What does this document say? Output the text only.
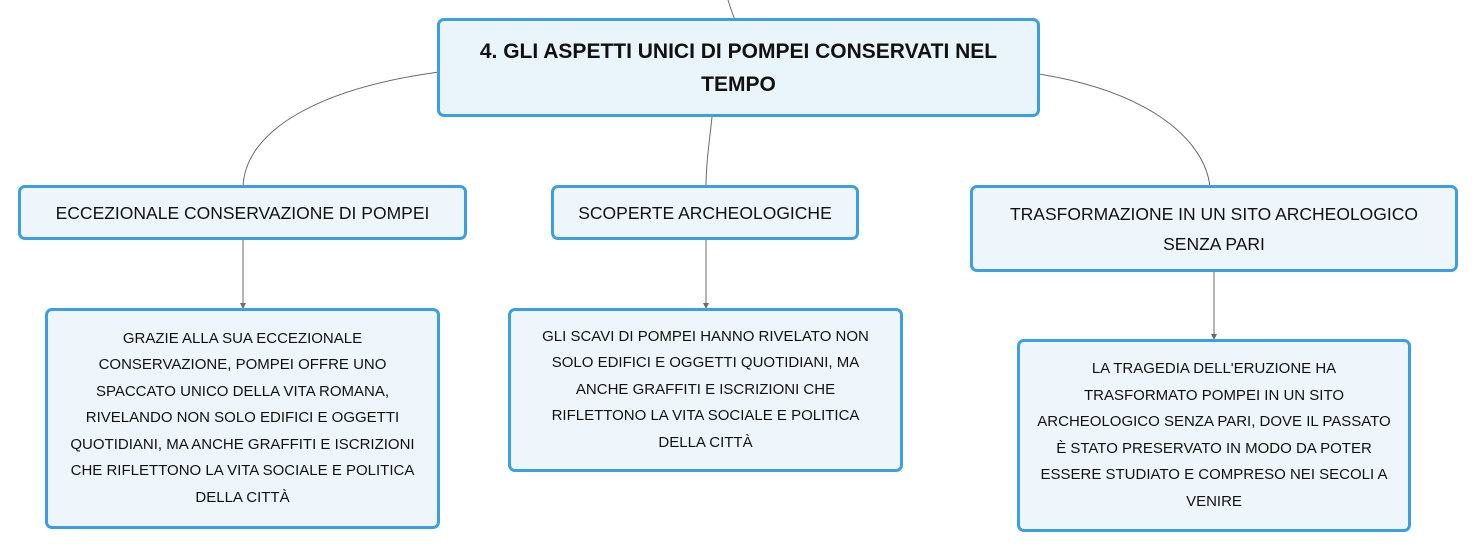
4. GLI ASPETTI UNICI DI POMPEI CONSERVATI NEL TEMPO
ECCEZIONALE CONSERVAZIONE DI POMPEI	SCOPERTE ARCHEOLOGICHE	TRASFORMAZIONE IN UN SITO ARCHEOLOGICO SENZA PARI
GRAZIE ALLA SUA ECCEZIONALE CONSERVAZIONE, POMPEI OFFRE UNO SPACCATO UNICO DELLA VITA ROMANA, RIVELANDO NON SOLO EDIFICI E OGGETTI QUOTIDIANI, MA ANCHE GRAFFITI E ISCRIZIONI CHE RIFLETTONO LA VITA SOCIALE E POLITICA DELLA CITTÀ
GLI SCAVI DI POMPEI HANNO RIVELATO NON SOLO EDIFICI E OGGETTI QUOTIDIANI, MA ANCHE GRAFFITI E ISCRIZIONI CHE RIFLETTONO LA VITA SOCIALE E POLITICA DELLA CITTÀ
LA TRAGEDIA DELL'ERUZIONE HA TRASFORMATO POMPEI IN UN SITO ARCHEOLOGICO SENZA PARI, DOVE IL PASSATO È STATO PRESERVATO IN MODO DA POTER ESSERE STUDIATO E COMPRESO NEI SECOLI A VENIRE
